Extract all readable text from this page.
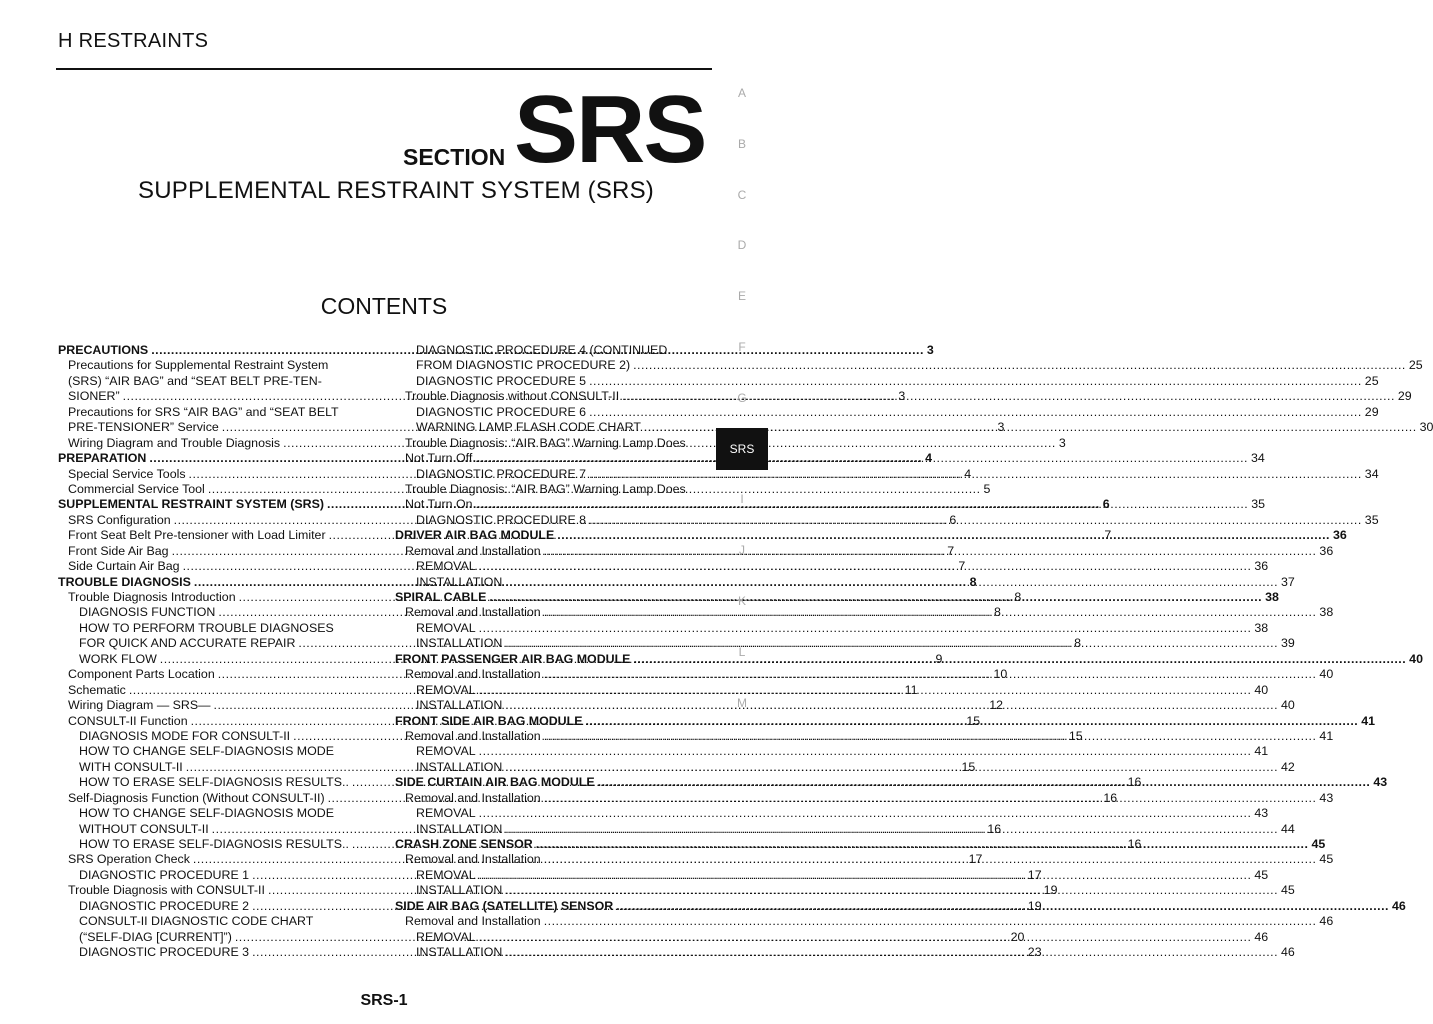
H RESTRAINTS
SECTION SRS
SUPPLEMENTAL RESTRAINT SYSTEM (SRS)
CONTENTS
PRECAUTIONS .....	3
Precautions for Supplemental Restraint System
(SRS) “AIR BAG” and “SEAT BELT PRE-TEN-
SIONER” .....	3
Precautions for SRS “AIR BAG” and “SEAT BELT
PRE-TENSIONER” Service .....	3
Wiring Diagram and Trouble Diagnosis .....	3
PREPARATION .....	4
Special Service Tools .....	4
Commercial Service Tool .....	5
SUPPLEMENTAL RESTRAINT SYSTEM (SRS) .....	6
SRS Configuration .....	6
Front Seat Belt Pre-tensioner with Load Limiter .....	7
Front Side Air Bag .....	7
Side Curtain Air Bag .....	7
TROUBLE DIAGNOSIS .....	8
Trouble Diagnosis Introduction .....	8
DIAGNOSIS FUNCTION .....	8
HOW TO PERFORM TROUBLE DIAGNOSES
FOR QUICK AND ACCURATE REPAIR .....	8
WORK FLOW .....	9
Component Parts Location .....	10
Schematic .....	11
Wiring Diagram — SRS— .....	12
CONSULT-II Function .....	15
DIAGNOSIS MODE FOR CONSULT-II .....	15
HOW TO CHANGE SELF-DIAGNOSIS MODE
WITH CONSULT-II .....	15
HOW TO ERASE SELF-DIAGNOSIS RESULTS.. .....	16
Self-Diagnosis Function (Without CONSULT-II) .....	16
HOW TO CHANGE SELF-DIAGNOSIS MODE
WITHOUT CONSULT-II .....	16
HOW TO ERASE SELF-DIAGNOSIS RESULTS.. .....	16
SRS Operation Check .....	17
DIAGNOSTIC PROCEDURE 1 .....	17
Trouble Diagnosis with CONSULT-II .....	19
DIAGNOSTIC PROCEDURE 2 .....	19
CONSULT-II DIAGNOSTIC CODE CHART
(“SELF-DIAG [CURRENT]”) .....	20
DIAGNOSTIC PROCEDURE 3 .....	23
DIAGNOSTIC PROCEDURE 4 (CONTINUED
FROM DIAGNOSTIC PROCEDURE 2) .....	25
DIAGNOSTIC PROCEDURE 5 .....	25
Trouble Diagnosis without CONSULT-II .....	29
DIAGNOSTIC PROCEDURE 6 .....	29
WARNING LAMP FLASH CODE CHART .....	30
Trouble Diagnosis: “AIR BAG” Warning Lamp Does
Not Turn Off .....	34
DIAGNOSTIC PROCEDURE 7 .....	34
Trouble Diagnosis: “AIR BAG” Warning Lamp Does
Not Turn On .....	35
DIAGNOSTIC PROCEDURE 8 .....	35
DRIVER AIR BAG MODULE .....	36
Removal and Installation .....	36
REMOVAL .....	36
INSTALLATION .....	37
SPIRAL CABLE .....	38
Removal and Installation .....	38
REMOVAL .....	38
INSTALLATION .....	39
FRONT PASSENGER AIR BAG MODULE .....	40
Removal and Installation .....	40
REMOVAL .....	40
INSTALLATION .....	40
FRONT SIDE AIR BAG MODULE .....	41
Removal and Installation .....	41
REMOVAL .....	41
INSTALLATION .....	42
SIDE CURTAIN AIR BAG MODULE .....	43
Removal and Installation .....	43
REMOVAL .....	43
INSTALLATION .....	44
CRASH ZONE SENSOR .....	45
Removal and Installation .....	45
REMOVAL .....	45
INSTALLATION .....	45
SIDE AIR BAG (SATELLITE) SENSOR .....	46
Removal and Installation .....	46
REMOVAL .....	46
INSTALLATION .....	46
A
B
C
D
E
F
G
SRS
I
J
K
L
M
SRS-1
